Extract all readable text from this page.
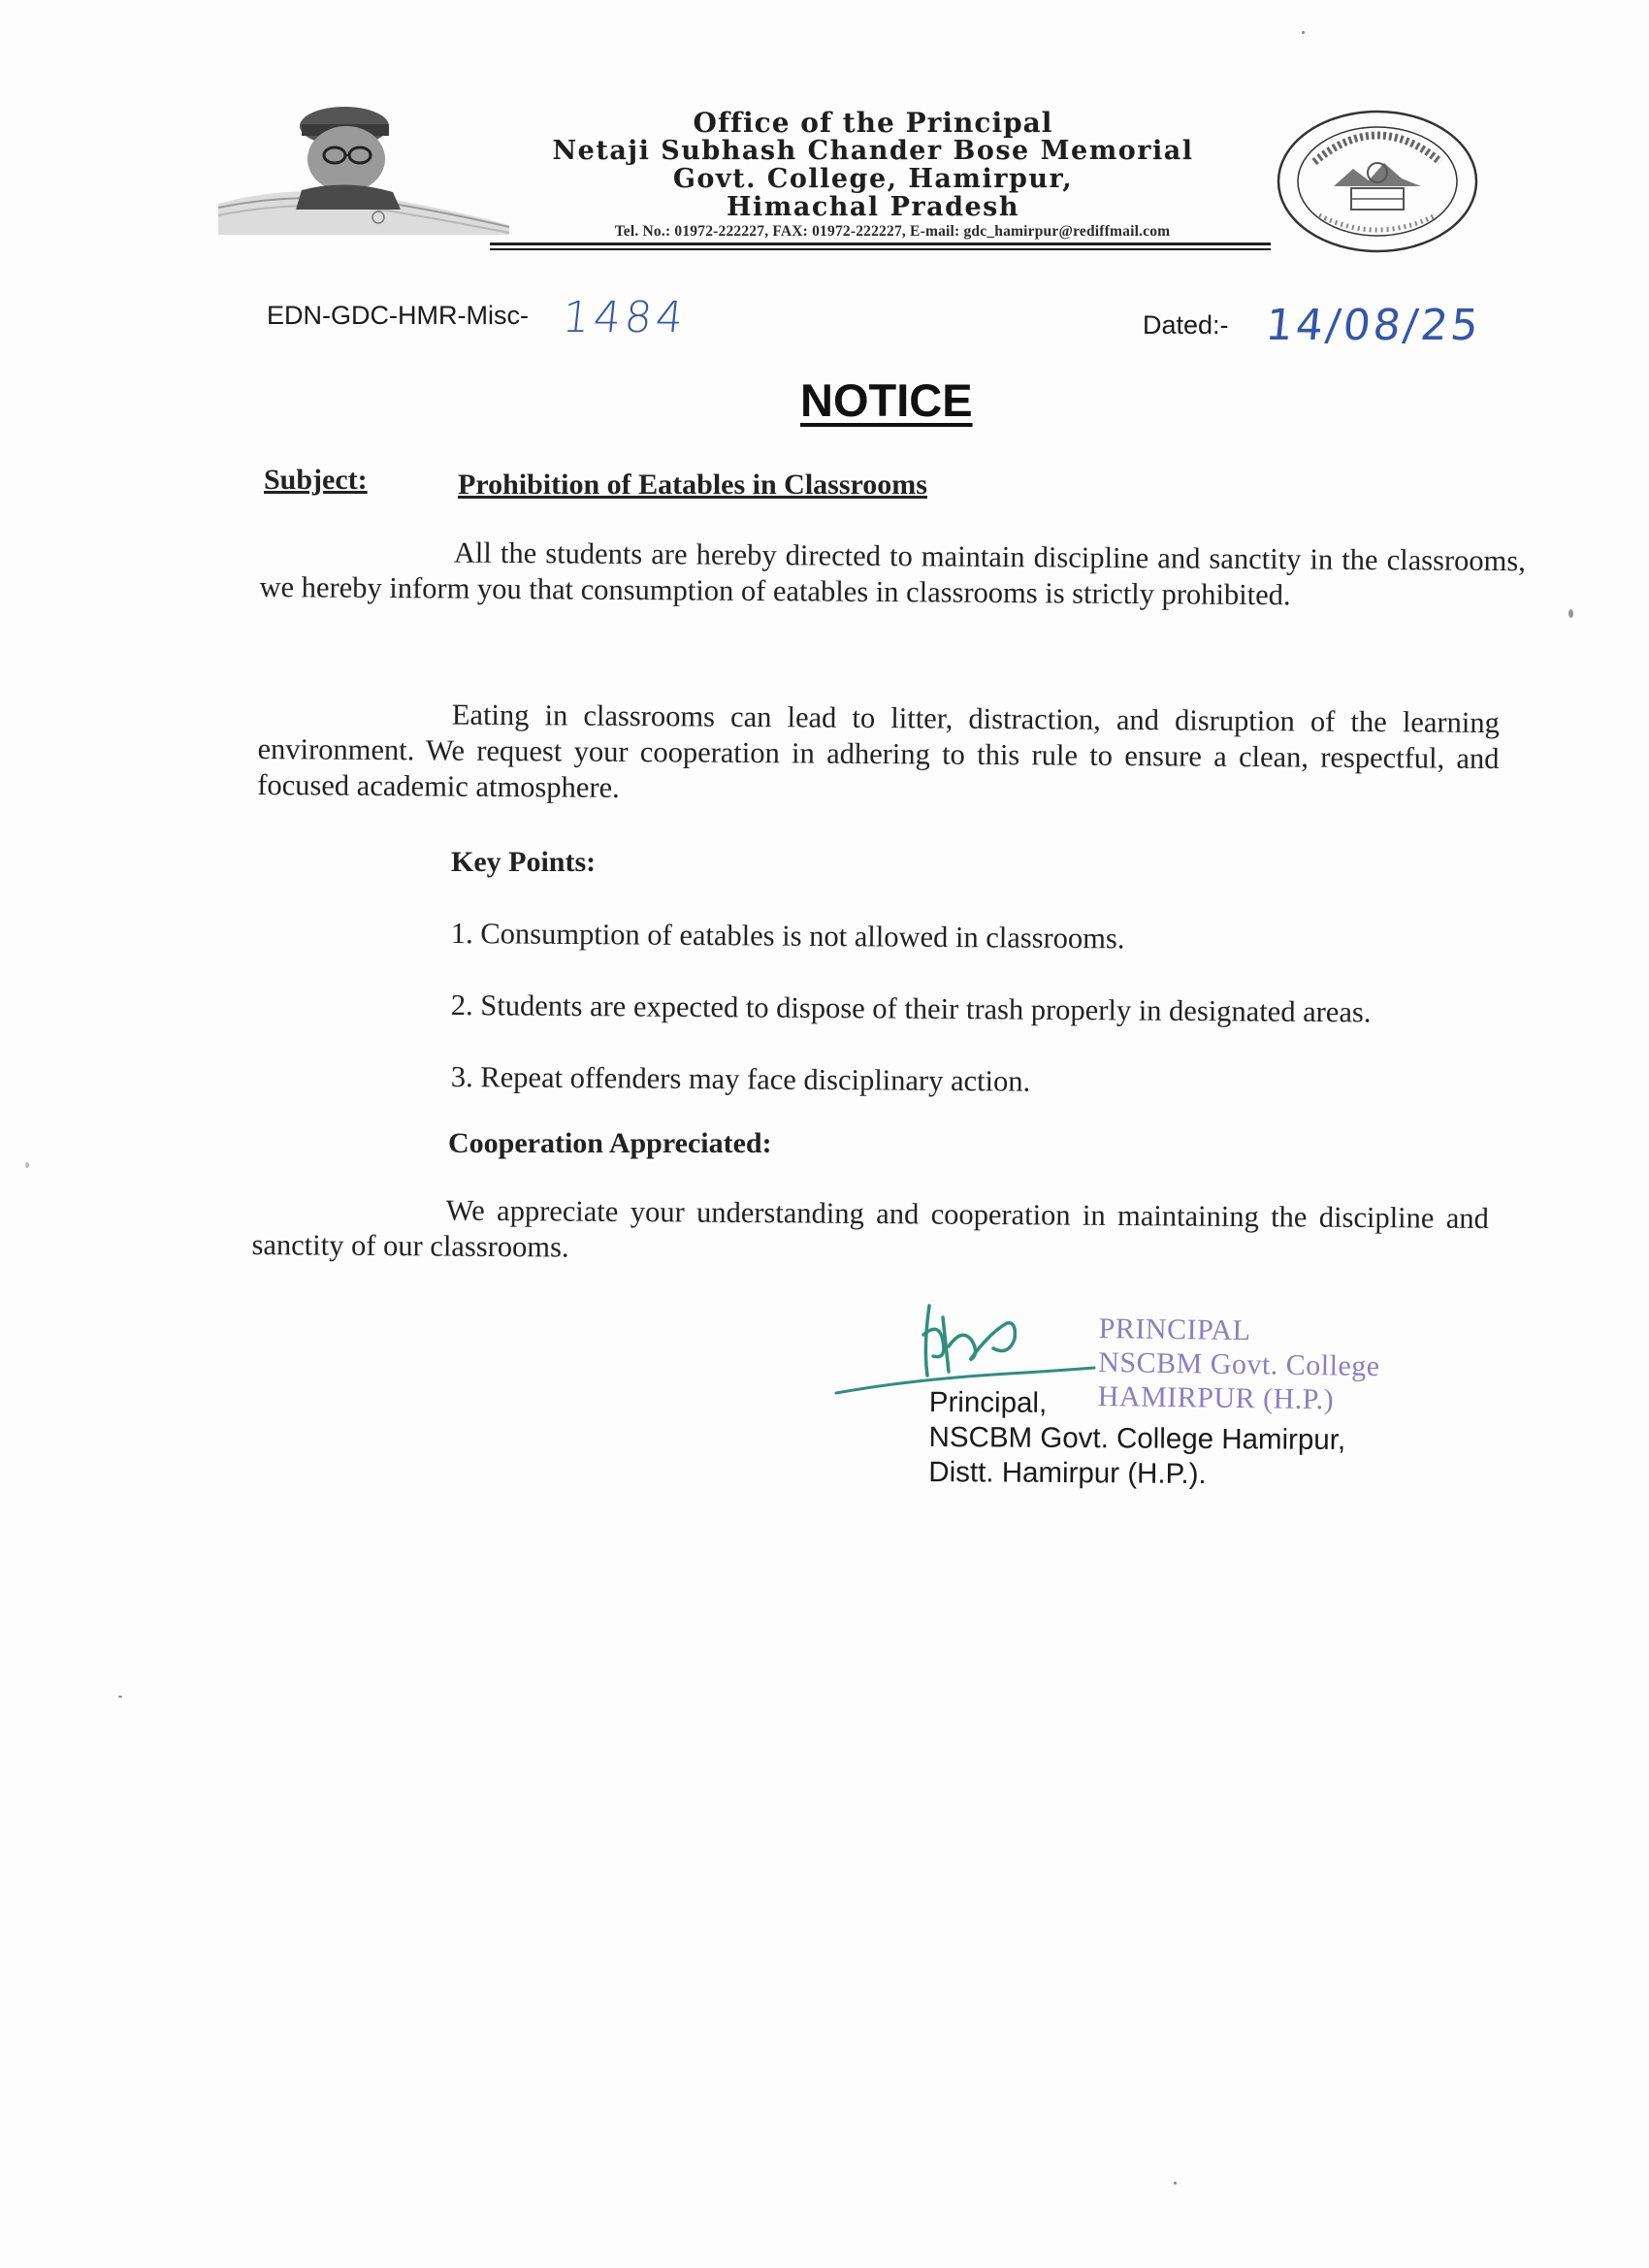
Office of the Principal
Netaji Subhash Chander Bose Memorial
Govt. College, Hamirpur,
Himachal Pradesh
Tel. No.: 01972-222227, FAX: 01972-222227, E-mail: gdc_hamirpur@rediffmail.com
EDN-GDC-HMR-Misc- 1484	Dated:- 14/08/25
NOTICE
Subject:	Prohibition of Eatables in Classrooms
All the students are hereby directed to maintain discipline and sanctity in the classrooms, we hereby inform you that consumption of eatables in classrooms is strictly prohibited.
Eating in classrooms can lead to litter, distraction, and disruption of the learning environment. We request your cooperation in adhering to this rule to ensure a clean, respectful, and focused academic atmosphere.
Key Points:
1. Consumption of eatables is not allowed in classrooms.
2. Students are expected to dispose of their trash properly in designated areas.
3. Repeat offenders may face disciplinary action.
Cooperation Appreciated:
We appreciate your understanding and cooperation in maintaining the discipline and sanctity of our classrooms.
PRINCIPAL
NSCBM Govt. College
HAMIRPUR (H.P.)
Principal,
NSCBM Govt. College Hamirpur,
Distt. Hamirpur (H.P.).
